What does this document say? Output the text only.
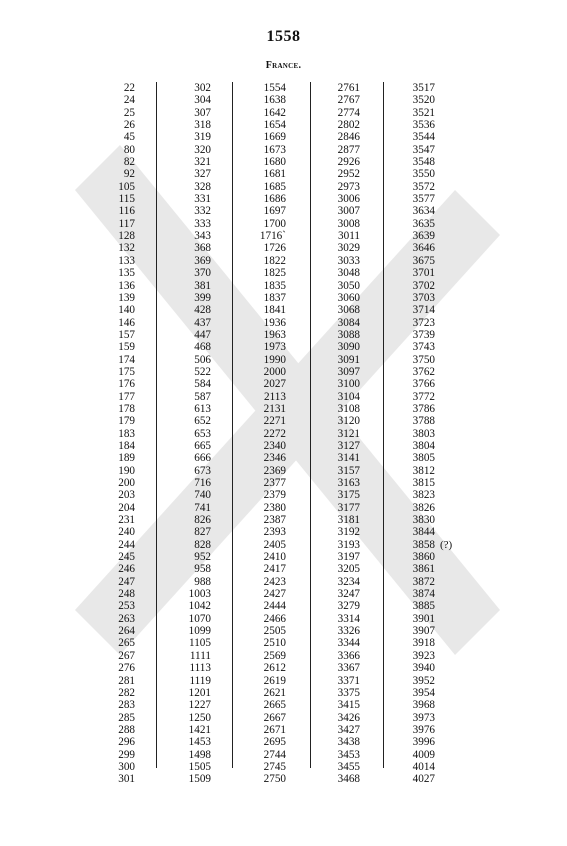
1558
France.
22
24
25
26
45
80
82
92
105
115
116
117
128
132
133
135
136
139
140
146
157
159
174
175
176
177
178
179
183
184
189
190
200
203
204
231
240
244
245
246
247
248
253
263
264
265
267
276
281
282
283
285
288
296
299
300
301
302
304
307
318
319
320
321
327
328
331
332
333
343
368
369
370
381
399
428
437
447
468
506
522
584
587
613
652
653
665
666
673
716
740
741
826
827
828
952
958
988
1003
1042
1070
1099
1105
1111
1113
1119
1201
1227
1250
1421
1453
1498
1505
1509
1554
1638
1642
1654
1669
1673
1680
1681
1685
1686
1697
1700
1716`
1726
1822
1825
1835
1837
1841
1936
1963
1973
1990
2000
2027
2113
2131
2271
2272
2340
2346
2369
2377
2379
2380
2387
2393
2405
2410
2417
2423
2427
2444
2466
2505
2510
2569
2612
2619
2621
2665
2667
2671
2695
2744
2745
2750
2761
2767
2774
2802
2846
2877
2926
2952
2973
3006
3007
3008
3011
3029
3033
3048
3050
3060
3068
3084
3088
3090
3091
3097
3100
3104
3108
3120
3121
3127
3141
3157
3163
3175
3177
3181
3192
3193
3197
3205
3234
3247
3279
3314
3326
3344
3366
3367
3371
3375
3415
3426
3427
3438
3453
3455
3468
3517
3520
3521
3536
3544
3547
3548
3550
3572
3577
3634
3635
3639
3646
3675
3701
3702
3703
3714
3723
3739
3743
3750
3762
3766
3772
3786
3788
3803
3804
3805
3812
3815
3823
3826
3830
3844
3858
3860
3861
3872
3874
3885
3901
3907
3918
3923
3940
3952
3954
3968
3973
3976
3996
4009
4014
4027
(?)
